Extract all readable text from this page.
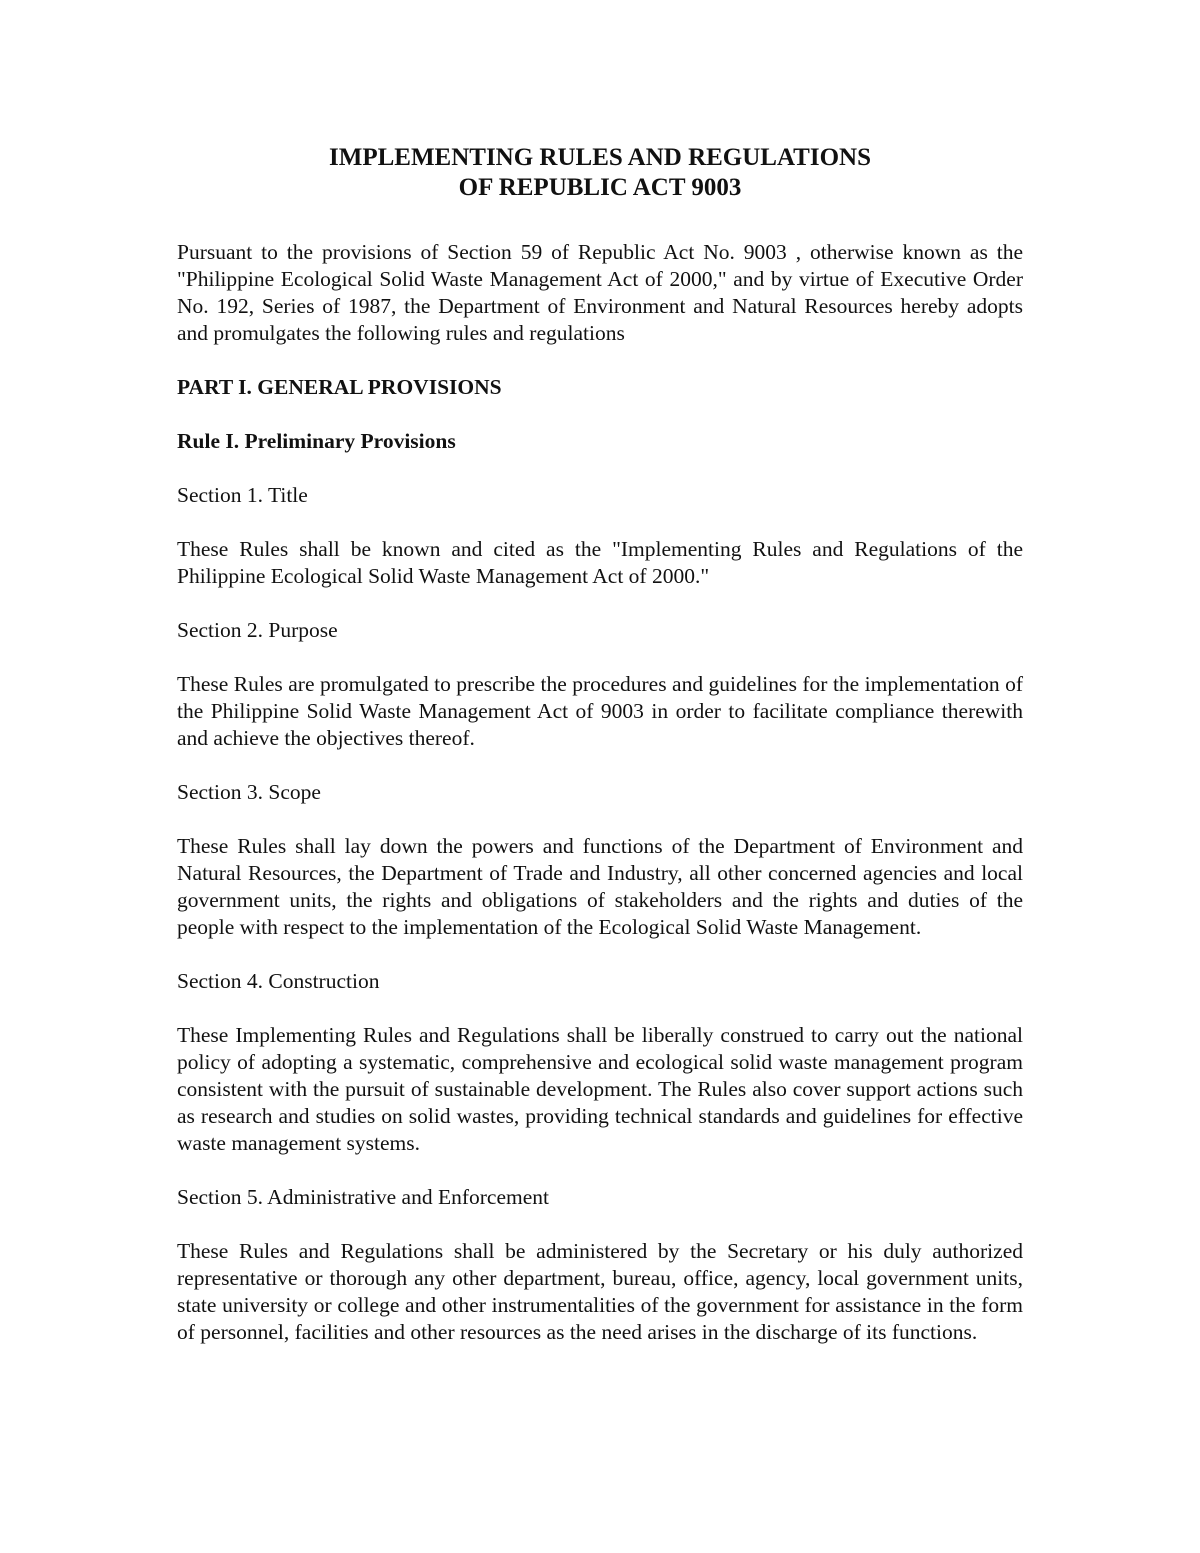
IMPLEMENTING RULES AND REGULATIONS
OF REPUBLIC ACT 9003

Pursuant to the provisions of Section 59 of Republic Act No. 9003 , otherwise known as the "Philippine Ecological Solid Waste Management Act of 2000," and by virtue of Executive Order No. 192, Series of 1987, the Department of Environment and Natural Resources hereby adopts and promulgates the following rules and regulations

PART I. GENERAL PROVISIONS
Rule I. Preliminary Provisions
Section 1. Title

These Rules shall be known and cited as the "Implementing Rules and Regulations of the Philippine Ecological Solid Waste Management Act of 2000."

Section 2. Purpose

These Rules are promulgated to prescribe the procedures and guidelines for the implementation of the Philippine Solid Waste Management Act of 9003 in order to facilitate compliance therewith and achieve the objectives thereof.

Section 3. Scope

These Rules shall lay down the powers and functions of the Department of Environment and Natural Resources, the Department of Trade and Industry, all other concerned agencies and local government units, the rights and obligations of stakeholders and the rights and duties of the people with respect to the implementation of the Ecological Solid Waste Management.

Section 4. Construction

These Implementing Rules and Regulations shall be liberally construed to carry out the national policy of adopting a systematic, comprehensive and ecological solid waste management program consistent with the pursuit of sustainable development. The Rules also cover support actions such as research and studies on solid wastes, providing technical standards and guidelines for effective waste management systems.

Section 5. Administrative and Enforcement

These Rules and Regulations shall be administered by the Secretary or his duly authorized representative or thorough any other department, bureau, office, agency, local government units, state university or college and other instrumentalities of the government for assistance in the form of personnel, facilities and other resources as the need arises in the discharge of its functions.
